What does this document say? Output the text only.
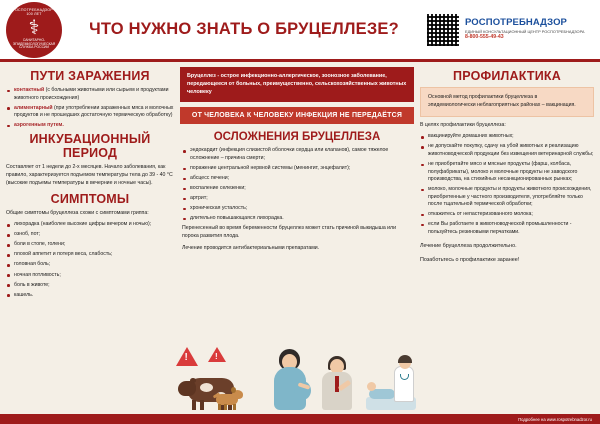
РОСПОТРЕБНАДЗОР · 100 ЛЕТ
⚕
САНИТАРНО-ЭПИДЕМИОЛОГИЧЕСКАЯ СЛУЖБА РОССИИ
ЧТО НУЖНО ЗНАТЬ О БРУЦЕЛЛЕЗЕ?	РОСПОТРЕБНАДЗОР
ЕДИНЫЙ КОНСУЛЬТАЦИОННЫЙ ЦЕНТР РОСПОТРЕБНАДЗОРА
8-800-555-49-43
ПУТИ ЗАРАЖЕНИЯ
контактный (с больными животными или сырьем и продуктами животного происхождения)
алиментарный (при употреблении зараженных мяса и молочных продуктов и не прошедших достаточную термическую обработку)
аэрогенным путем.
ИНКУБАЦИОННЫЙ ПЕРИОД

Составляет от 1 недели до 2-х месяцев. Начало заболевания, как правило, характеризуется подъемом температуры тела до 39 - 40 °С (высокие подъемы температуры в вечерние и ночные часы).

СИМПТОМЫ

Общие симптомы бруцеллеза схожи с симптомами гриппа:

лихорадка (наиболее высокие цифры вечером и ночью);
озноб, пот;
боли в стопе, голени;
плохой аппетит и потеря веса, слабость;
головная боль;
ночная потливость;
боль в животе;
кашель.
Бруцеллез - острое инфекционно-аллергическое, зоонозное заболевание, передающееся от больных, преимущественно, сельскохозяйственных животных человеку
ОТ ЧЕЛОВЕКА К ЧЕЛОВЕКУ ИНФЕКЦИЯ НЕ ПЕРЕДАЁТСЯ
ОСЛОЖНЕНИЯ БРУЦЕЛЛЕЗА
эндокардит (инфекция слизистой оболочки сердца или клапанов), самое тяжелое осложнение – причина смерти;
поражение центральной нервной системы (менингит, энцефалит);
абсцесс печени;
воспаление селезенки;
артрит;
хроническая усталость;
длительно повышающаяся лихорадка.

Перенесенный во время беременности бруцеллез может стать причиной выкидыша или порока развития плода.

Лечение проводится антибактериальными препаратами.

ПРОФИЛАКТИКА

Основной метод профилактики бруцеллеза в эпидемиологически неблагоприятных районах – вакцинация.

В целях профилактики бруцеллеза:

вакцинируйте домашних животных;
не допускайте покупку, сдачу на убой животных и реализацию животноводческой продукции без извещения ветеринарной службы;
не приобретайте мясо и мясные продукты (фарш, колбаса, полуфабрикаты), молоко и молочные продукты не заводского производства, на стихийных несанкционированных рынках;
молоко, молочные продукты и продукты животного происхождения, приобретенные у частного производителя, употребляйте только после тщательной термической обработки;
откажитесь от непастеризованного молока;
если Вы работаете в животноводческой промышленности - пользуйтесь резиновыми перчатками.
Лечение бруцеллеза продолжительно.
Позаботьтесь о профилактике заранее!
!
!
Подробнее на www.rospotrebnadzor.ru
